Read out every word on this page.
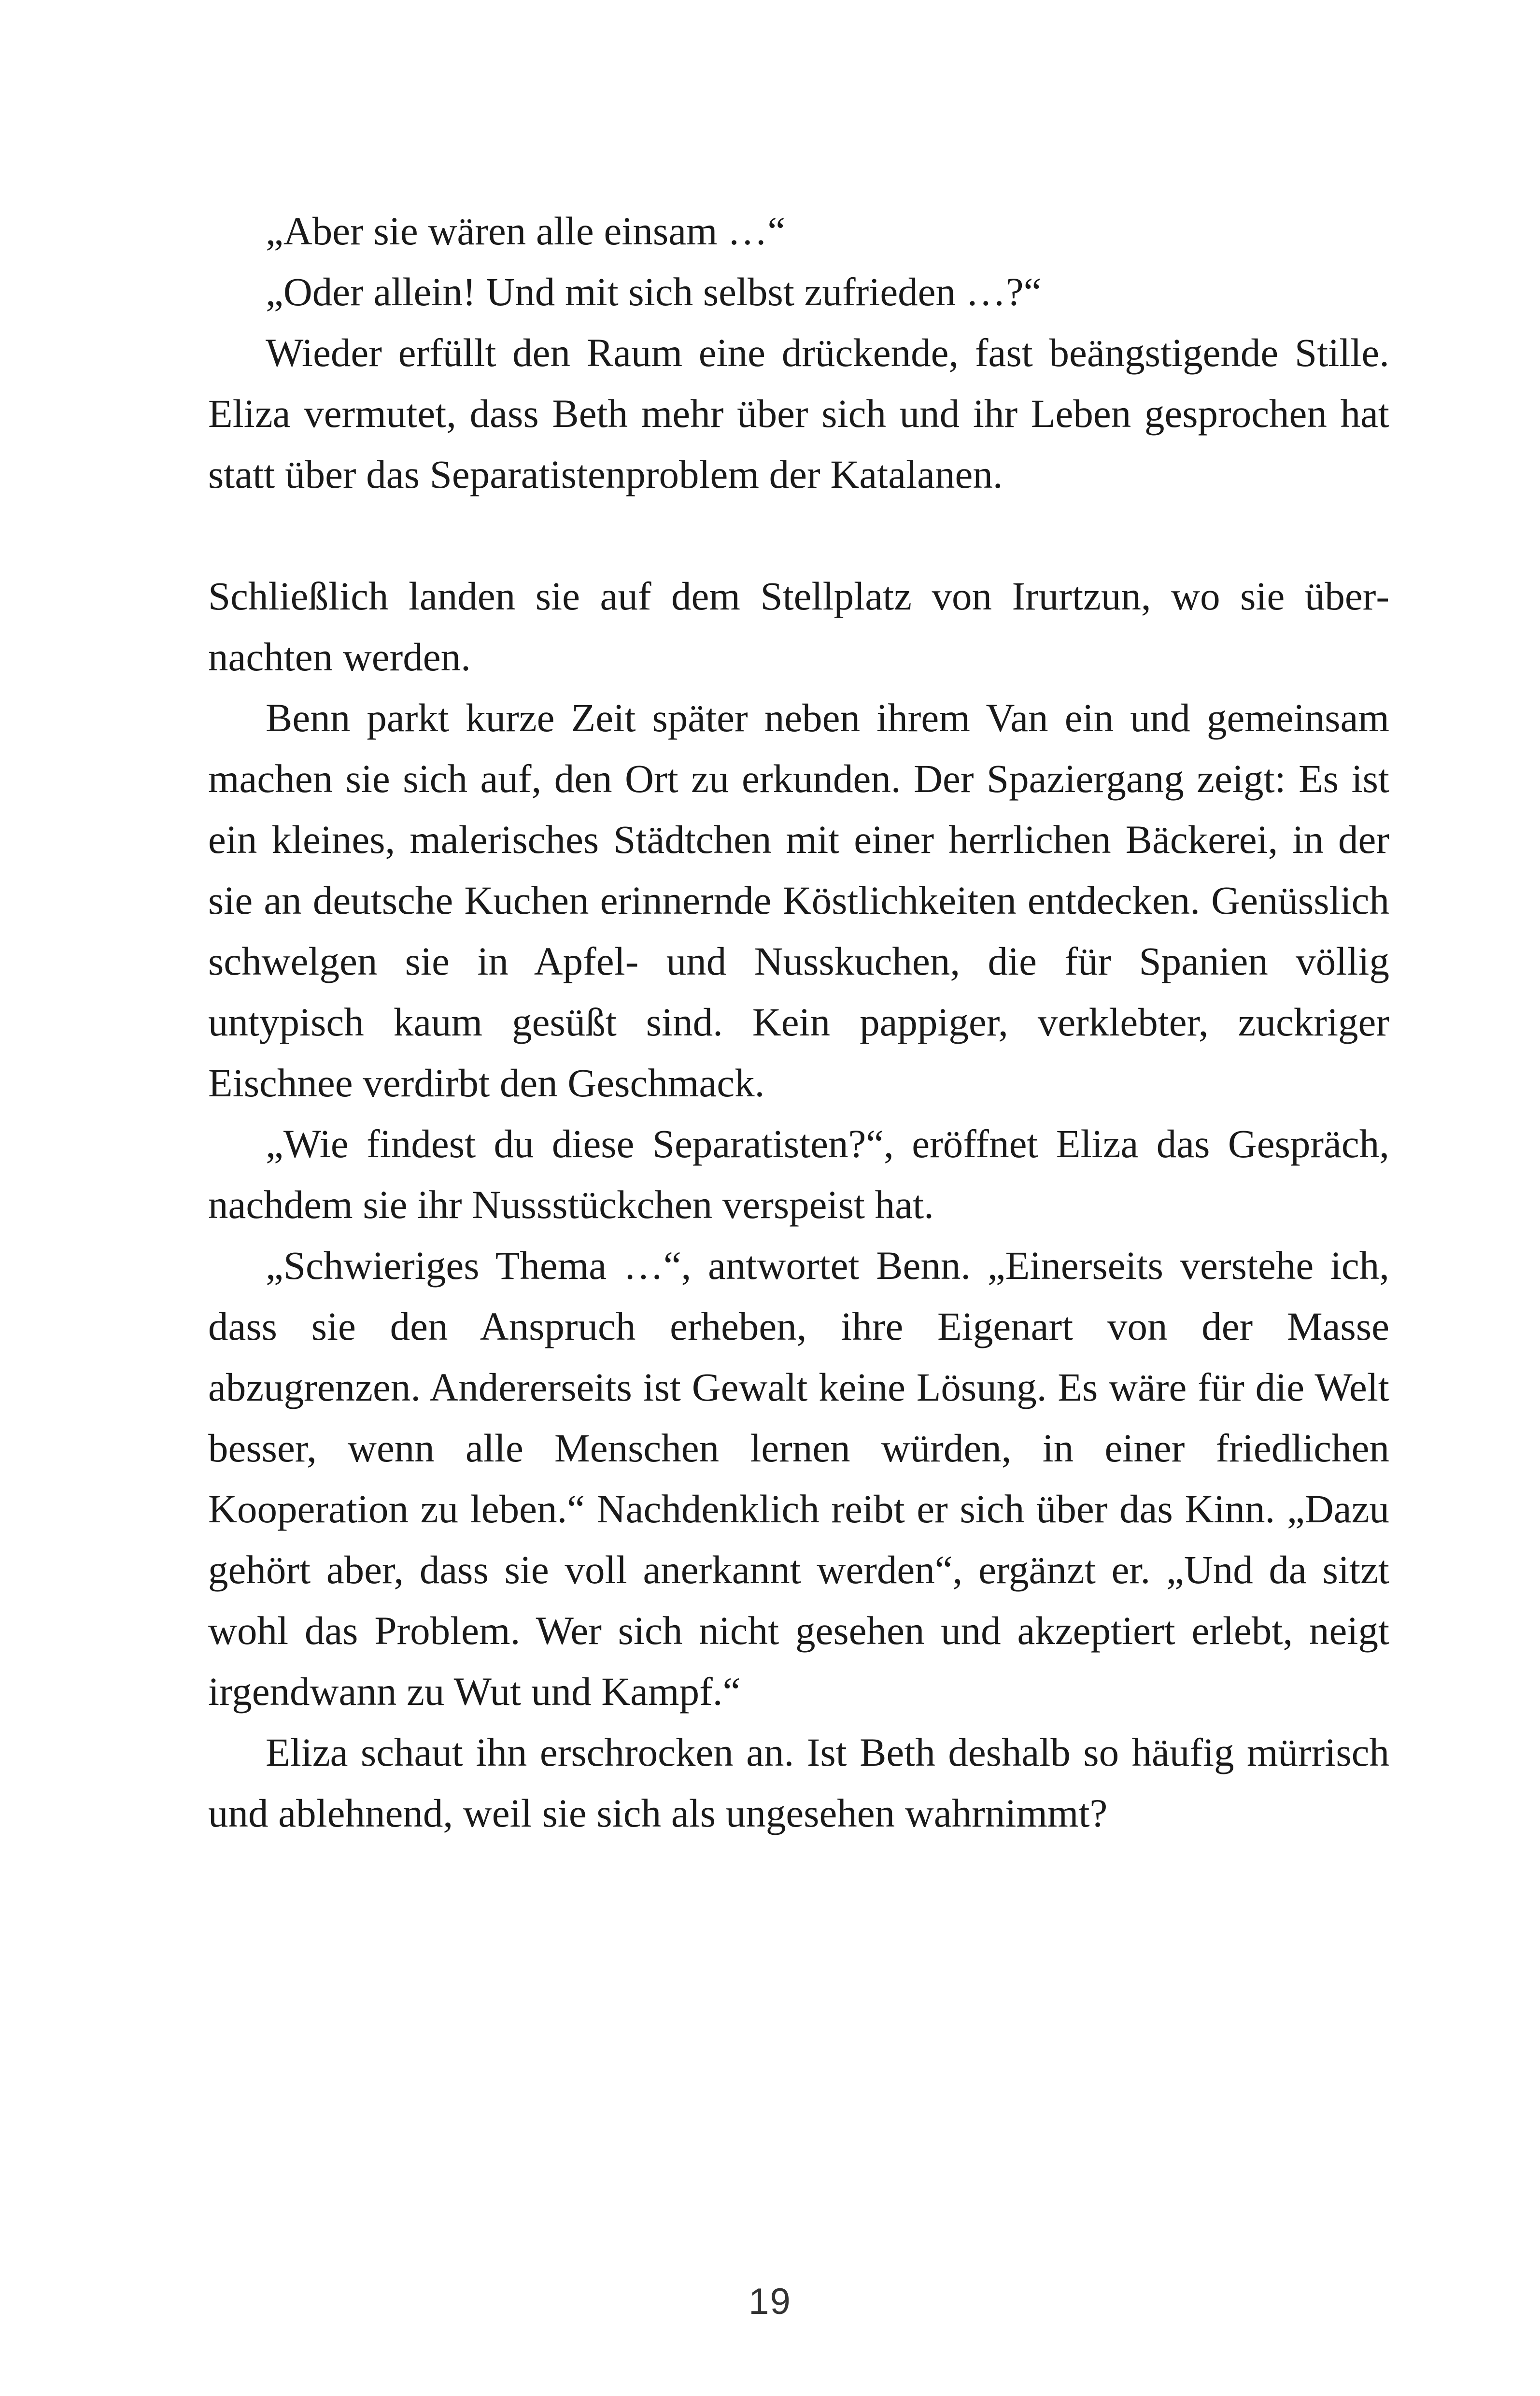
„Aber sie wären alle einsam …“

„Oder allein! Und mit sich selbst zufrieden …?“

Wieder erfüllt den Raum eine drückende, fast beängstigende Stille. Eliza vermutet, dass Beth mehr über sich und ihr Leben gesprochen hat statt über das Separatistenproblem der Katalanen.

Schließlich landen sie auf dem Stellplatz von Irurtzun, wo sie übernachten werden.

Benn parkt kurze Zeit später neben ihrem Van ein und gemeinsam machen sie sich auf, den Ort zu erkunden. Der Spaziergang zeigt: Es ist ein kleines, malerisches Städtchen mit einer herrlichen Bäckerei, in der sie an deutsche Kuchen erinnernde Köstlichkeiten entdecken. Genüsslich schwelgen sie in Apfel- und Nusskuchen, die für Spanien völlig untypisch kaum gesüßt sind. Kein pappiger, verklebter, zuckriger Eischnee verdirbt den Geschmack.

„Wie findest du diese Separatisten?“, eröffnet Eliza das Gespräch, nachdem sie ihr Nussstückchen verspeist hat.

„Schwieriges Thema …“, antwortet Benn. „Einerseits verstehe ich, dass sie den Anspruch erheben, ihre Eigenart von der Masse abzugrenzen. Andererseits ist Gewalt keine Lösung. Es wäre für die Welt besser, wenn alle Menschen lernen würden, in einer friedlichen Kooperation zu leben.“ Nachdenklich reibt er sich über das Kinn. „Dazu gehört aber, dass sie voll anerkannt werden“, ergänzt er. „Und da sitzt wohl das Problem. Wer sich nicht gesehen und akzeptiert erlebt, neigt irgendwann zu Wut und Kampf.“

Eliza schaut ihn erschrocken an. Ist Beth deshalb so häufig mürrisch und ablehnend, weil sie sich als ungesehen wahrnimmt?

19
